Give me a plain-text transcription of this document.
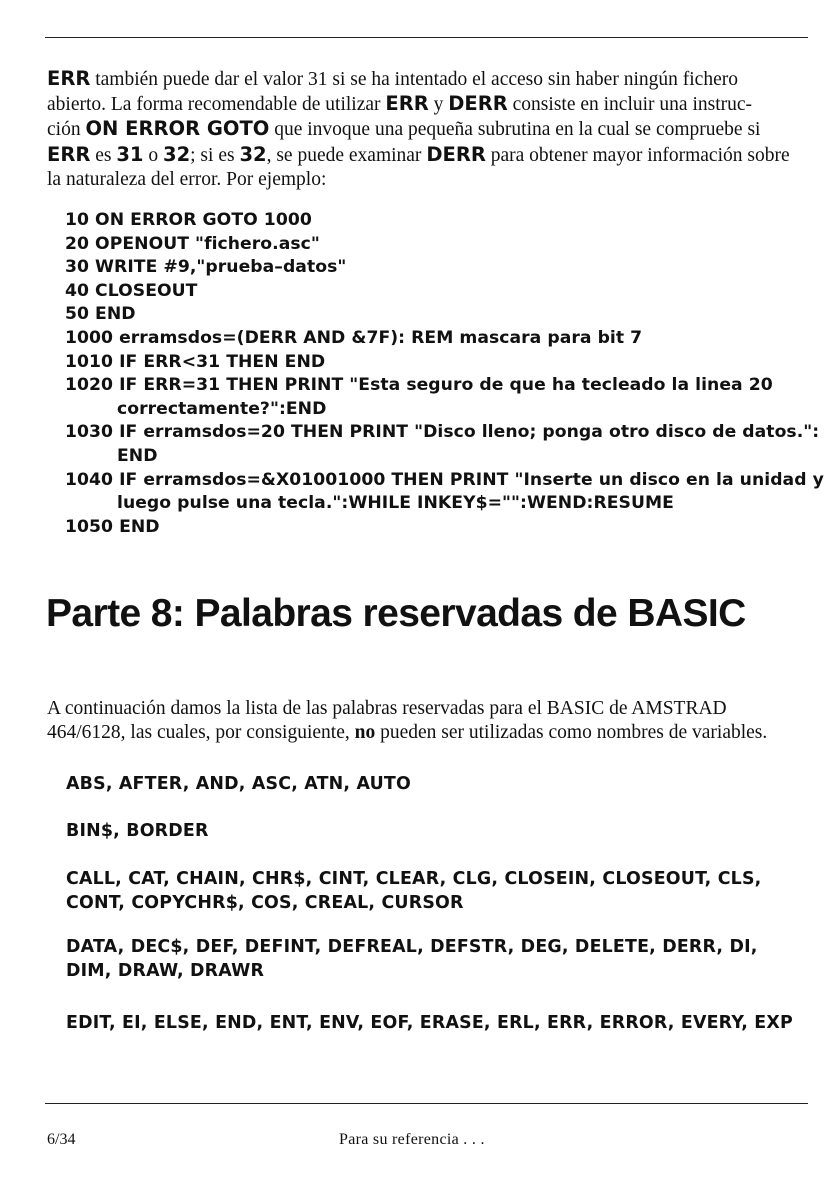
ERR también puede dar el valor 31 si se ha intentado el acceso sin haber ningún fichero
abierto. La forma recomendable de utilizar ERR y DERR consiste en incluir una instruc-
ción ON ERROR GOTO que invoque una pequeña subrutina en la cual se compruebe si
ERR es 31 o 32; si es 32, se puede examinar DERR para obtener mayor información sobre
la naturaleza del error. Por ejemplo:
10 ON ERROR GOTO 1000
20 OPENOUT "fichero.asc"
30 WRITE #9,"prueba–datos"
40 CLOSEOUT
50 END
1000 erramsdos=(DERR AND &7F): REM mascara para bit 7
1010 IF ERR<31 THEN END
1020 IF ERR=31 THEN PRINT "Esta seguro de que ha tecleado la linea 20
correctamente?":END
1030 IF erramsdos=20 THEN PRINT "Disco lleno; ponga otro disco de datos.":
END
1040 IF erramsdos=&X01001000 THEN PRINT "Inserte un disco en la unidad y
luego pulse una tecla.":WHILE INKEY$="":WEND:RESUME
1050 END
Parte 8: Palabras reservadas de BASIC
A continuación damos la lista de las palabras reservadas para el BASIC de AMSTRAD
464/6128, las cuales, por consiguiente, no pueden ser utilizadas como nombres de variables.
ABS, AFTER, AND, ASC, ATN, AUTO
BIN$, BORDER
CALL, CAT, CHAIN, CHR$, CINT, CLEAR, CLG, CLOSEIN, CLOSEOUT, CLS,
CONT, COPYCHR$, COS, CREAL, CURSOR
DATA, DEC$, DEF, DEFINT, DEFREAL, DEFSTR, DEG, DELETE, DERR, DI,
DIM, DRAW, DRAWR
EDIT, EI, ELSE, END, ENT, ENV, EOF, ERASE, ERL, ERR, ERROR, EVERY, EXP
6/34	Para su referencia . . .
